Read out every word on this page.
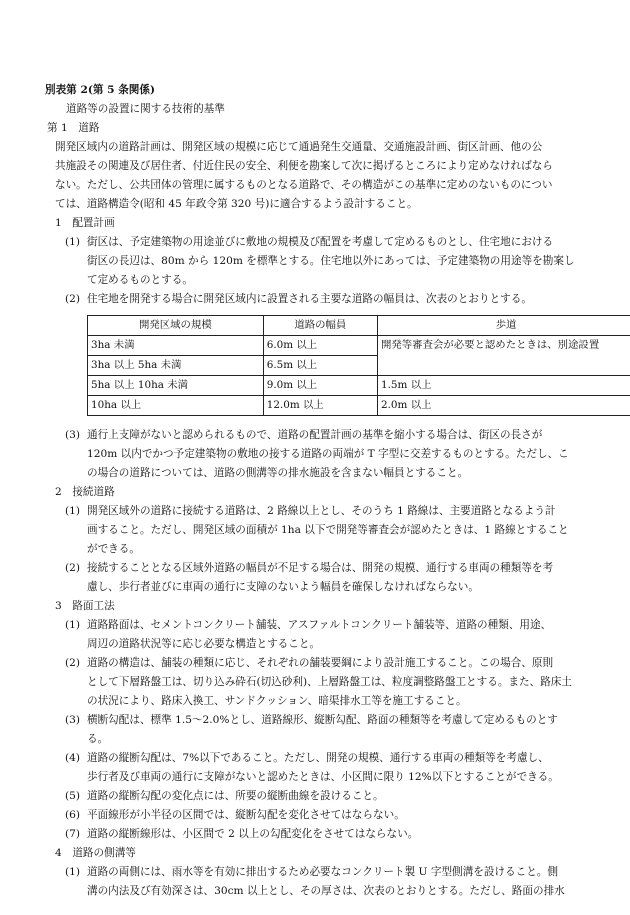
別表第 2(第 5 条関係)

道路等の設置に関する技術的基準

第 1　道路

開発区域内の道路計画は、開発区域の規模に応じて通過発生交通量、交通施設計画、街区計画、他の公

共施設その関連及び居住者、付近住民の安全、利便を勘案して次に掲げるところにより定めなければなら

ない。ただし、公共団体の管理に属するものとなる道路で、その構造がこの基準に定めのないものについ

ては、道路構造令(昭和 45 年政令第 320 号)に適合するよう設計すること。

1　配置計画

(1) 街区は、予定建築物の用途並びに敷地の規模及び配置を考慮して定めるものとし、住宅地における

街区の長辺は、80m から 120m を標準とする。住宅地以外にあっては、予定建築物の用途等を勘案し

て定めるものとする。

(2) 住宅地を開発する場合に開発区域内に設置される主要な道路の幅員は、次表のとおりとする。

開発区域の規模	道路の幅員	歩道
3ha 未満	6.0m 以上	開発等審査会が必要と認めたときは、別途設置
3ha 以上 5ha 未満	6.5m 以上	
5ha 以上 10ha 未満	9.0m 以上	1.5m 以上
10ha 以上	12.0m 以上	2.0m 以上
(3) 通行上支障がないと認められるもので、道路の配置計画の基準を縮小する場合は、街区の長さが

120m 以内でかつ予定建築物の敷地の接する道路の両端が T 字型に交差するものとする。ただし、こ

の場合の道路については、道路の側溝等の排水施設を含まない幅員とすること。

2　接続道路

(1) 開発区域外の道路に接続する道路は、2 路線以上とし、そのうち 1 路線は、主要道路となるよう計

画すること。ただし、開発区域の面積が 1ha 以下で開発等審査会が認めたときは、1 路線とすること

ができる。

(2) 接続することとなる区域外道路の幅員が不足する場合は、開発の規模、通行する車両の種類等を考

慮し、歩行者並びに車両の通行に支障のないよう幅員を確保しなければならない。

3　路面工法

(1) 道路路面は、セメントコンクリート舗装、アスファルトコンクリート舗装等、道路の種類、用途、

周辺の道路状況等に応じ必要な構造とすること。

(2) 道路の構造は、舗装の種類に応じ、それぞれの舗装要綱により設計施工すること。この場合、原則

として下層路盤工は、切り込み砕石(切込砂利)、上層路盤工は、粒度調整路盤工とする。また、路床土

の状況により、路床入換工、サンドクッション、暗渠排水工等を施工すること。

(3) 横断勾配は、標準 1.5～2.0%とし、道路線形、縦断勾配、路面の種類等を考慮して定めるものとす

る。

(4) 道路の縦断勾配は、7%以下であること。ただし、開発の規模、通行する車両の種類等を考慮し、

歩行者及び車両の通行に支障がないと認めたときは、小区間に限り 12%以下とすることができる。

(5) 道路の縦断勾配の変化点には、所要の縦断曲線を設けること。

(6) 平面線形が小半径の区間では、縦断勾配を変化させてはならない。

(7) 道路の縦断線形は、小区間で 2 以上の勾配変化をさせてはならない。

4　道路の側溝等

(1) 道路の両側には、雨水等を有効に排出するため必要なコンクリート製 U 字型側溝を設けること。側

溝の内法及び有効深さは、30cm 以上とし、その厚さは、次表のとおりとする。ただし、路面の排水
